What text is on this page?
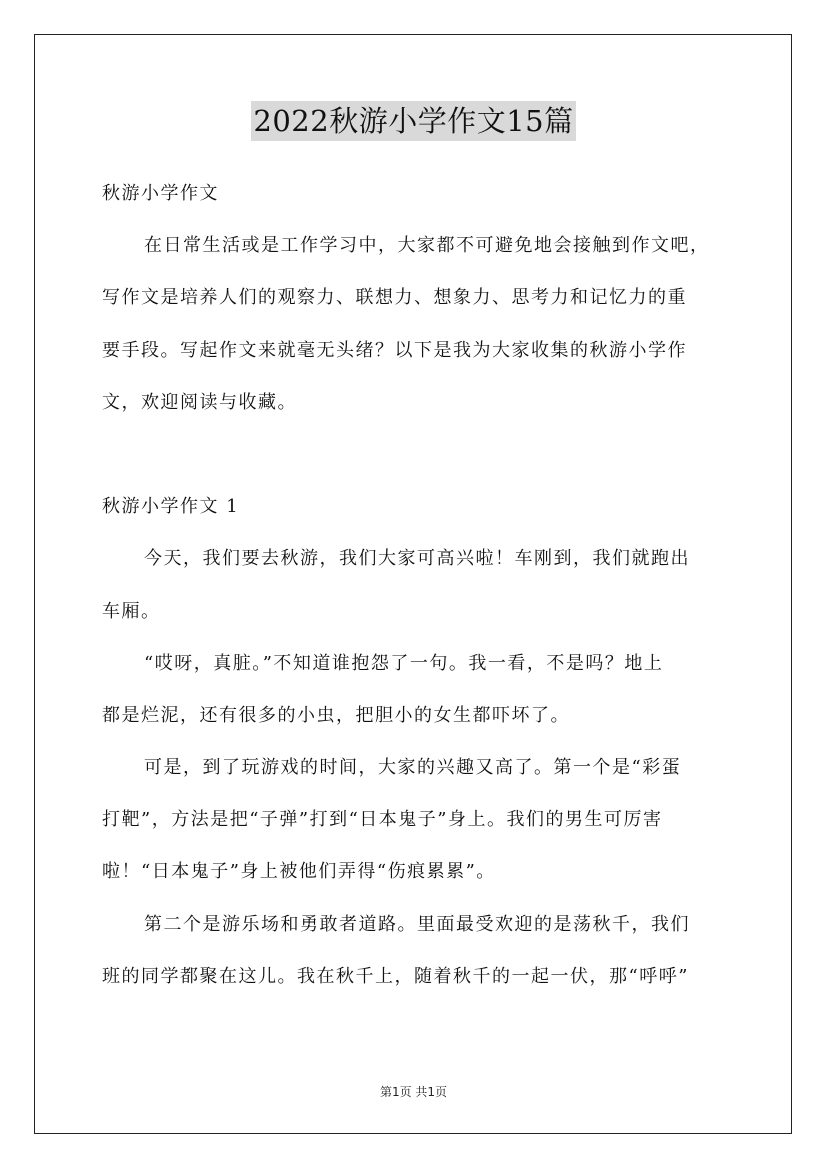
2022秋游小学作文15篇
秋游小学作文
在日常生活或是工作学习中，大家都不可避免地会接触到作文吧，
写作文是培养人们的观察力、联想力、想象力、思考力和记忆力的重
要手段。写起作文来就毫无头绪？以下是我为大家收集的秋游小学作
文，欢迎阅读与收藏。
秋游小学作文 1
今天，我们要去秋游，我们大家可高兴啦！车刚到，我们就跑出
车厢。
“哎呀，真脏。”不知道谁抱怨了一句。我一看，不是吗？地上
都是烂泥，还有很多的小虫，把胆小的女生都吓坏了。
可是，到了玩游戏的时间，大家的兴趣又高了。第一个是“彩蛋
打靶”，方法是把“子弹”打到“日本鬼子”身上。我们的男生可厉害
啦！“日本鬼子”身上被他们弄得“伤痕累累”。
第二个是游乐场和勇敢者道路。里面最受欢迎的是荡秋千，我们
班的同学都聚在这儿。我在秋千上，随着秋千的一起一伏，那“呼呼”
第1页 共1页
